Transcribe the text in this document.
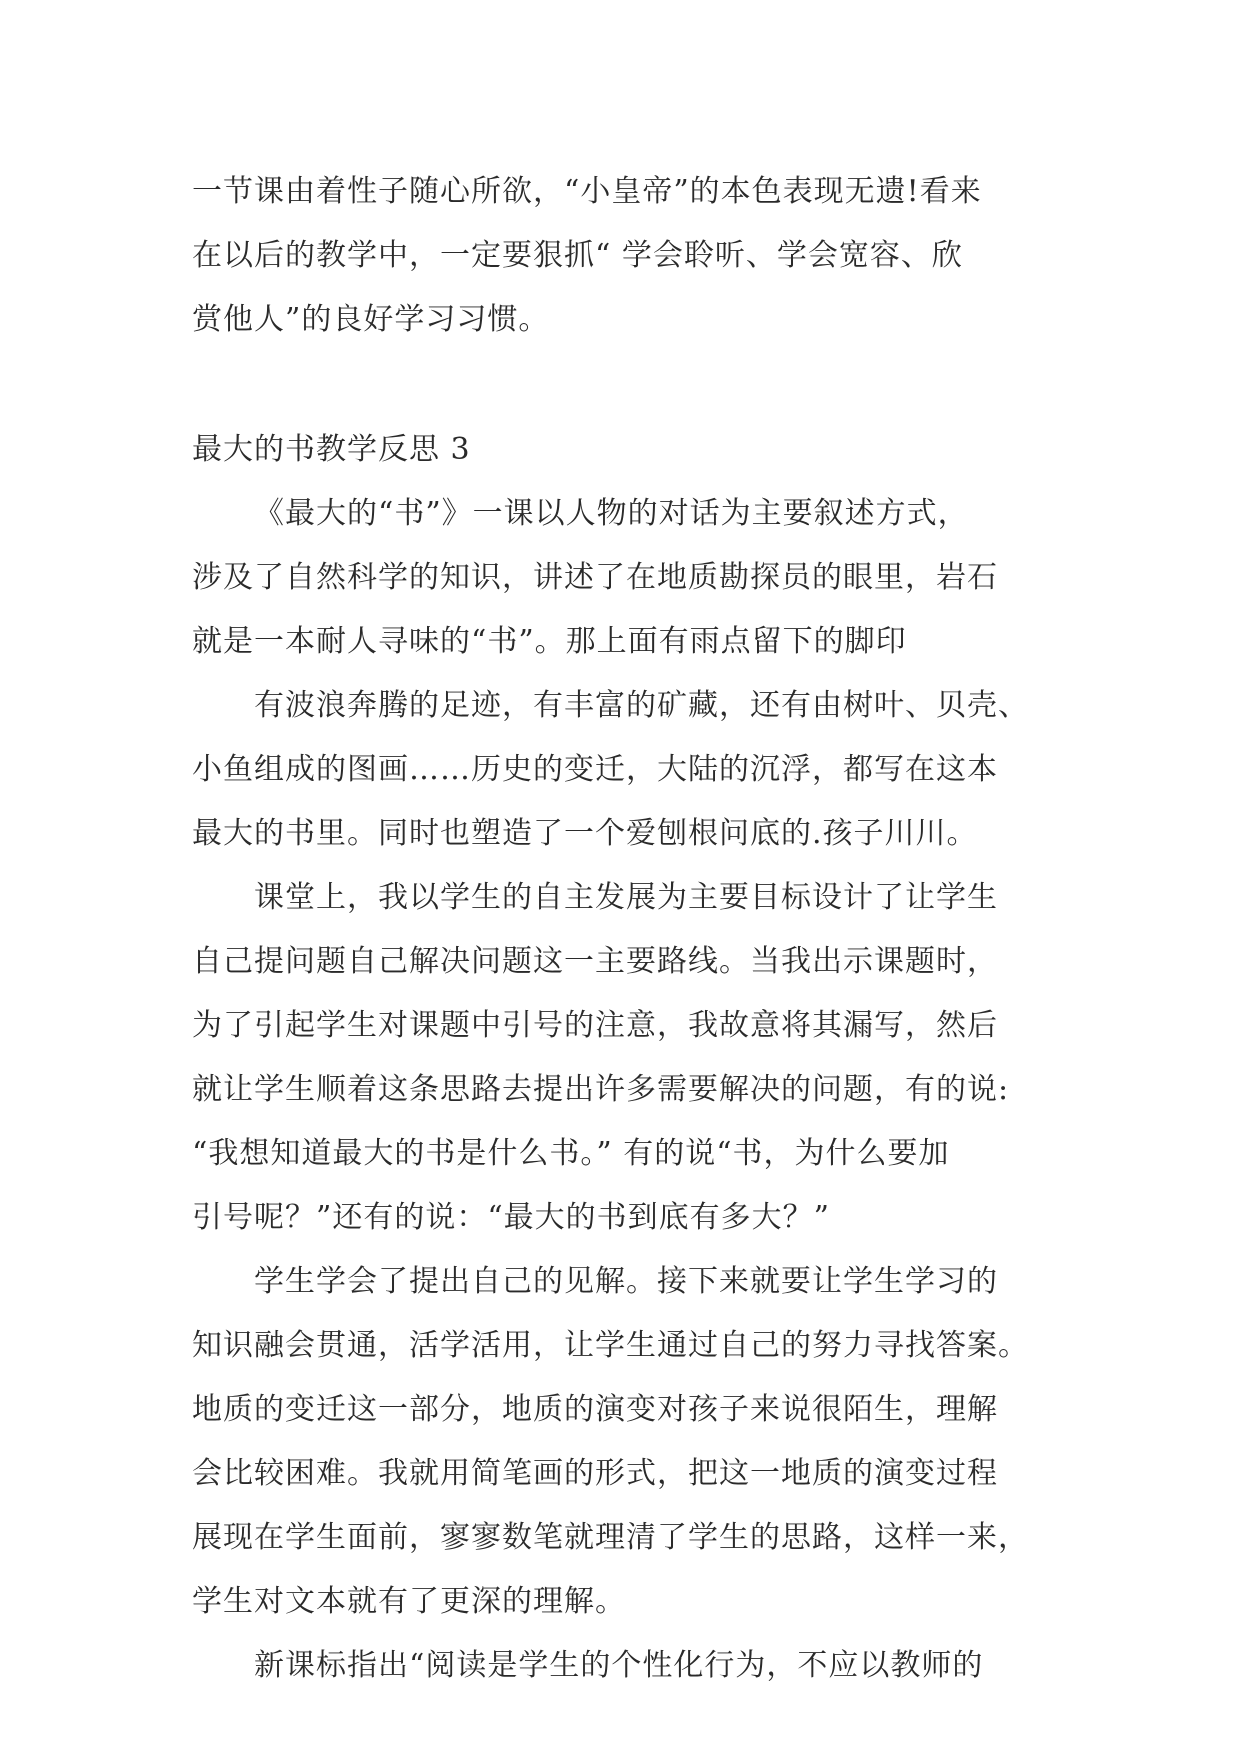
一节课由着性子随心所欲，“小皇帝”的本色表现无遗!看来
在以后的教学中，一定要狠抓“ 学会聆听、学会宽容、欣
赏他人”的良好学习习惯。
最大的书教学反思 3
《最大的“书”》一课以人物的对话为主要叙述方式，
涉及了自然科学的知识，讲述了在地质勘探员的眼里，岩石
就是一本耐人寻味的“书”。那上面有雨点留下的脚印
有波浪奔腾的足迹，有丰富的矿藏，还有由树叶、贝壳、
小鱼组成的图画……历史的变迁，大陆的沉浮，都写在这本
最大的书里。同时也塑造了一个爱刨根问底的.孩子川川。
课堂上，我以学生的自主发展为主要目标设计了让学生
自己提问题自己解决问题这一主要路线。当我出示课题时，
为了引起学生对课题中引号的注意，我故意将其漏写，然后
就让学生顺着这条思路去提出许多需要解决的问题，有的说:
“我想知道最大的书是什么书。” 有的说“书，为什么要加
引号呢？”还有的说：“最大的书到底有多大？”
学生学会了提出自己的见解。接下来就要让学生学习的
知识融会贯通，活学活用，让学生通过自己的努力寻找答案。
地质的变迁这一部分，地质的演变对孩子来说很陌生，理解
会比较困难。我就用简笔画的形式，把这一地质的演变过程
展现在学生面前，寥寥数笔就理清了学生的思路，这样一来，
学生对文本就有了更深的理解。
新课标指出“阅读是学生的个性化行为，不应以教师的
